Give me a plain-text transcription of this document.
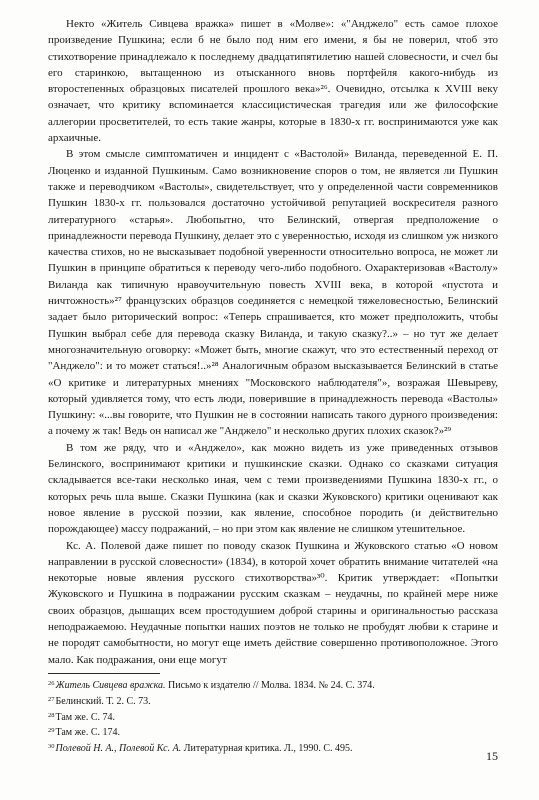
Некто «Житель Сивцева вражка» пишет в «Молве»: «"Анджело" есть самое плохое произведение Пушкина; если б не было под ним его имени, я бы не поверил, чтоб это стихотворение принадлежало к последнему двадцатипятилетию нашей словесности, и счел бы его старинкою, вытащенною из отысканного вновь портфейля какого-нибудь из второстепенных образцовых писателей прошлого века»²⁶. Очевидно, отсылка к XVIII веку означает, что критику вспоминается классицистическая трагедия или же философские аллегории просветителей, то есть такие жанры, которые в 1830-х гг. воспринимаются уже как архаичные.

В этом смысле симптоматичен и инцидент с «Вастолой» Виланда, переведенной Е. П. Люценко и изданной Пушкиным. Само возникновение споров о том, не является ли Пушкин также и переводчиком «Вастолы», свидетельствует, что у определенной части современников Пушкин 1830-х гг. пользовался достаточно устойчивой репутацией воскресителя разного литературного «старья». Любопытно, что Белинский, отвергая предположение о принадлежности перевода Пушкину, делает это с уверенностью, исходя из слишком уж низкого качества стихов, но не высказывает подобной уверенности относительно вопроса, не может ли Пушкин в принципе обратиться к переводу чего-либо подобного. Охарактеризовав «Вастолу» Виланда как типичную нравоучительную повесть XVIII века, в которой «пустота и ничтожность»²⁷ французских образцов соединяется с немецкой тяжеловесностью, Белинский задает было риторический вопрос: «Теперь спрашивается, кто может предположить, чтобы Пушкин выбрал себе для перевода сказку Виланда, и такую сказку?..» – но тут же делает многозначительную оговорку: «Может быть, многие скажут, что это естественный переход от "Анджело": и то может статься!..»²⁸ Аналогичным образом высказывается Белинский в статье «О критике и литературных мнениях "Московского наблюдателя"», возражая Шевыреву, который удивляется тому, что есть люди, поверившие в принадлежность перевода «Вастолы» Пушкину: «...вы говорите, что Пушкин не в состоянии написать такого дурного произведения: а почему ж так! Ведь он написал же "Анджело" и несколько других плохих сказок?»²⁹

В том же ряду, что и «Анджело», как можно видеть из уже приведенных отзывов Белинского, воспринимают критики и пушкинские сказки. Однако со сказками ситуация складывается все-таки несколько иная, чем с теми произведениями Пушкина 1830-х гг., о которых речь шла выше. Сказки Пушкина (как и сказки Жуковского) критики оценивают как новое явление в русской поэзии, как явление, способное породить (и действительно порождающее) массу подражаний, – но при этом как явление не слишком утешительное.

Кс. А. Полевой даже пишет по поводу сказок Пушкина и Жуковского статью «О новом направлении в русской словесности» (1834), в которой хочет обратить внимание читателей «на некоторые новые явления русского стихотворства»³⁰. Критик утверждает: «Попытки Жуковского и Пушкина в подражании русским сказкам – неудачны, по крайней мере ниже своих образцов, дышащих всем простодушием доброй старины и оригинальностью рассказа неподражаемою. Неудачные попытки наших поэтов не только не пробудят любви к старине и не породят самобытности, но могут еще иметь действие совершенно противоположное. Этого мало. Как подражания, они еще могут

$^{26}$Житель Сивцева вражка. Письмо к издателю // Молва. 1834. № 24. С. 374.

$^{27}$Белинский. Т. 2. С. 73.

$^{28}$Там же. С. 74.

$^{29}$Там же. С. 174.

$^{30}$Полевой Н. А., Полевой Кс. А. Литературная критика. Л., 1990. С. 495.

15
